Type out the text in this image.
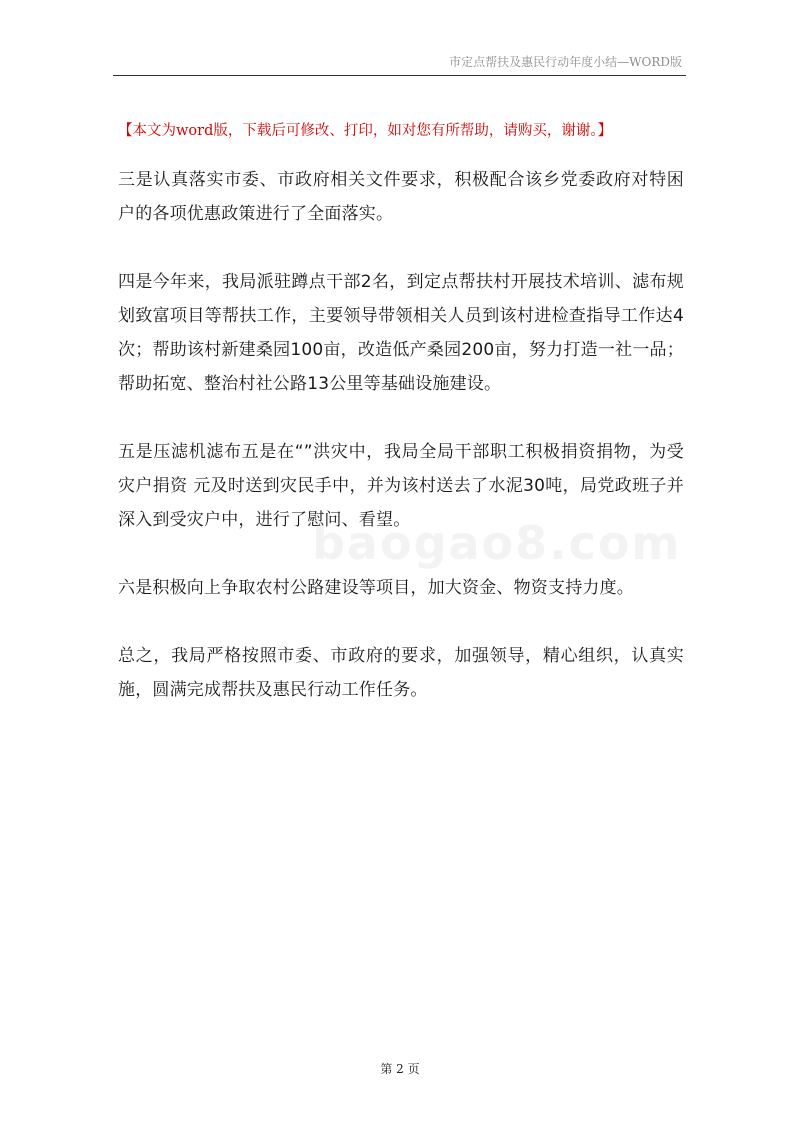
市定点帮扶及惠民行动年度小结—WORD版
【本文为word版，下载后可修改、打印，如对您有所帮助，请购买，谢谢。】

三是认真落实市委、市政府相关文件要求，积极配合该乡党委政府对特困户的各项优惠政策进行了全面落实。

四是今年来，我局派驻蹲点干部2名，到定点帮扶村开展技术培训、滤布规划致富项目等帮扶工作，主要领导带领相关人员到该村进检查指导工作达4次；帮助该村新建桑园100亩，改造低产桑园200亩，努力打造一社一品；帮助拓宽、整治村社公路13公里等基础设施建设。

五是压滤机滤布五是在“”洪灾中，我局全局干部职工积极捐资捐物，为受灾户捐资 元及时送到灾民手中，并为该村送去了水泥30吨，局党政班子并深入到受灾户中，进行了慰问、看望。

六是积极向上争取农村公路建设等项目，加大资金、物资支持力度。

总之，我局严格按照市委、市政府的要求，加强领导，精心组织，认真实施，圆满完成帮扶及惠民行动工作任务。

baogao8.com
第 2 页
